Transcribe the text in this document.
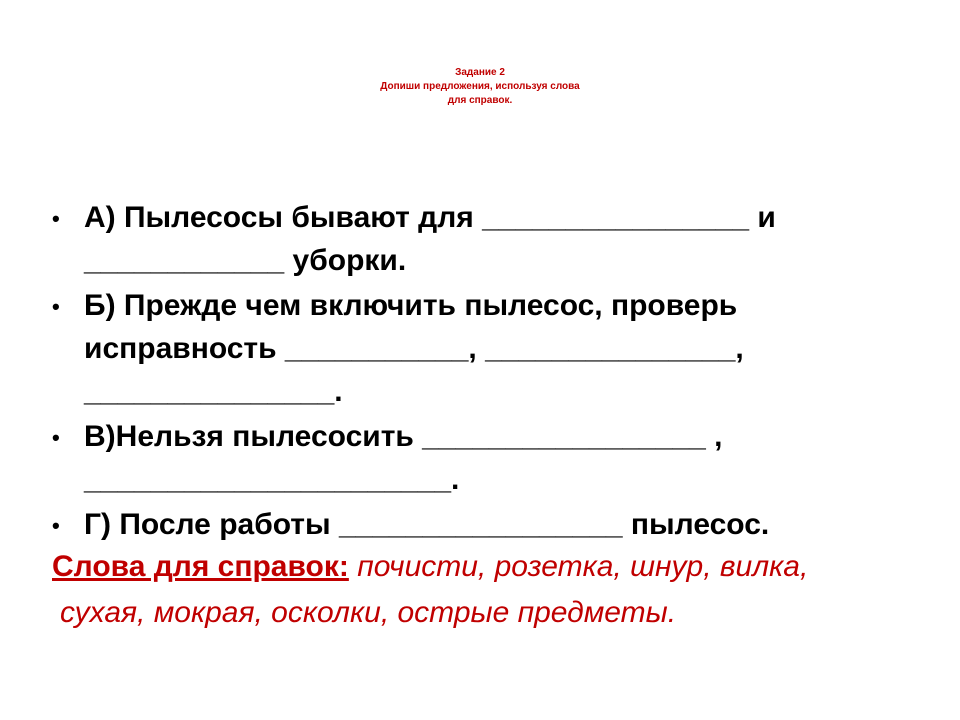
Задание 2
Допиши предложения, используя слова
для справок.
• А) Пылесосы бывают для ________________ и
____________ уборки.
• Б) Прежде чем включить пылесос, проверь
исправность ___________, _______________,
_______________.
• В)Нельзя пылесосить _________________ ,
______________________.
• Г) После работы _________________ пылесос.
Слова для справок: почисти, розетка, шнур, вилка,
сухая, мокрая, осколки, острые предметы.
